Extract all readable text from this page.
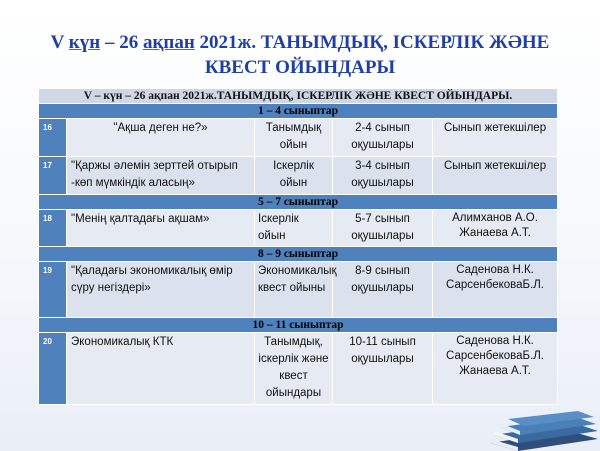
V күн – 26 ақпан 2021ж. ТАНЫМДЫҚ, ІСКЕРЛІК ЖӘНЕ
КВЕСТ ОЙЫНДАРЫ
V – күн – 26 ақпан 2021ж.ТАНЫМДЫҚ, ІСКЕРЛІК ЖӘНЕ КВЕСТ ОЙЫНДАРЫ.				
1 – 4 сыныптар				
16	"Ақша деген не?»	Танымдық ойын	2-4 сынып оқушылары	Сынып жетекшілер
17	"Қаржы әлемін зерттей отырып -көп мүмкіндік аласың»	Іскерлік ойын	3-4 сынып оқушылары	Сынып жетекшілер
5 – 7 сыныптар				
18	"Менің қалтадағы ақшам»	Іскерлік ойын	5-7 сынып оқушылары	Алимханов А.О. Жанаева А.Т.
8 – 9 сыныптар				
19	"Қаладағы экономикалық өмір сүру негіздері»	Экономикалық квест ойыны	8-9 сынып оқушылары	Саденова Н.К. СарсенбековаБ.Л.
10 – 11 сыныптар				
20	Экономикалық КТК	Танымдық, іскерлік және квест ойындары	10-11 сынып оқушылары	Саденова Н.К. СарсенбековаБ.Л. Жанаева А.Т.
